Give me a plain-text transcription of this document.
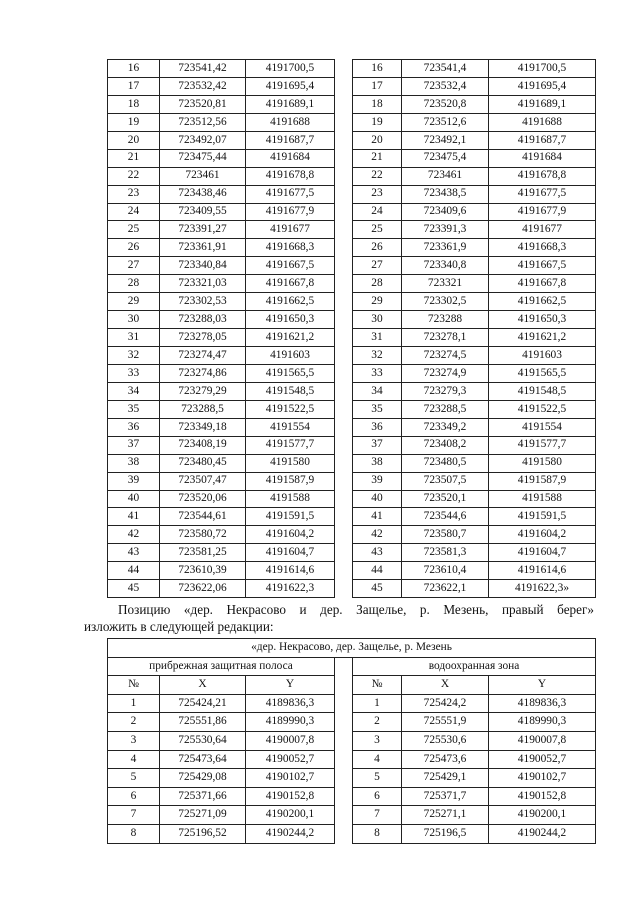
16	723541,42	4191700,5		16	723541,4	4191700,5
17	723532,42	4191695,4		17	723532,4	4191695,4
18	723520,81	4191689,1		18	723520,8	4191689,1
19	723512,56	4191688		19	723512,6	4191688
20	723492,07	4191687,7		20	723492,1	4191687,7
21	723475,44	4191684		21	723475,4	4191684
22	723461	4191678,8		22	723461	4191678,8
23	723438,46	4191677,5		23	723438,5	4191677,5
24	723409,55	4191677,9		24	723409,6	4191677,9
25	723391,27	4191677		25	723391,3	4191677
26	723361,91	4191668,3		26	723361,9	4191668,3
27	723340,84	4191667,5		27	723340,8	4191667,5
28	723321,03	4191667,8		28	723321	4191667,8
29	723302,53	4191662,5		29	723302,5	4191662,5
30	723288,03	4191650,3		30	723288	4191650,3
31	723278,05	4191621,2		31	723278,1	4191621,2
32	723274,47	4191603		32	723274,5	4191603
33	723274,86	4191565,5		33	723274,9	4191565,5
34	723279,29	4191548,5		34	723279,3	4191548,5
35	723288,5	4191522,5		35	723288,5	4191522,5
36	723349,18	4191554		36	723349,2	4191554
37	723408,19	4191577,7		37	723408,2	4191577,7
38	723480,45	4191580		38	723480,5	4191580
39	723507,47	4191587,9		39	723507,5	4191587,9
40	723520,06	4191588		40	723520,1	4191588
41	723544,61	4191591,5		41	723544,6	4191591,5
42	723580,72	4191604,2		42	723580,7	4191604,2
43	723581,25	4191604,7		43	723581,3	4191604,7
44	723610,39	4191614,6		44	723610,4	4191614,6
45	723622,06	4191622,3		45	723622,1	4191622,3»

Позицию «дер. Некрасово и дер. Защелье, р. Мезень, правый берег»
изложить в следующей редакции:

«дер. Некрасово, дер. Защелье, р. Мезень						
прибрежная защитная полоса				водоохранная зона		
№	X	Y		№	X	Y
1	725424,21	4189836,3		1	725424,2	4189836,3
2	725551,86	4189990,3		2	725551,9	4189990,3
3	725530,64	4190007,8		3	725530,6	4190007,8
4	725473,64	4190052,7		4	725473,6	4190052,7
5	725429,08	4190102,7		5	725429,1	4190102,7
6	725371,66	4190152,8		6	725371,7	4190152,8
7	725271,09	4190200,1		7	725271,1	4190200,1
8	725196,52	4190244,2		8	725196,5	4190244,2
